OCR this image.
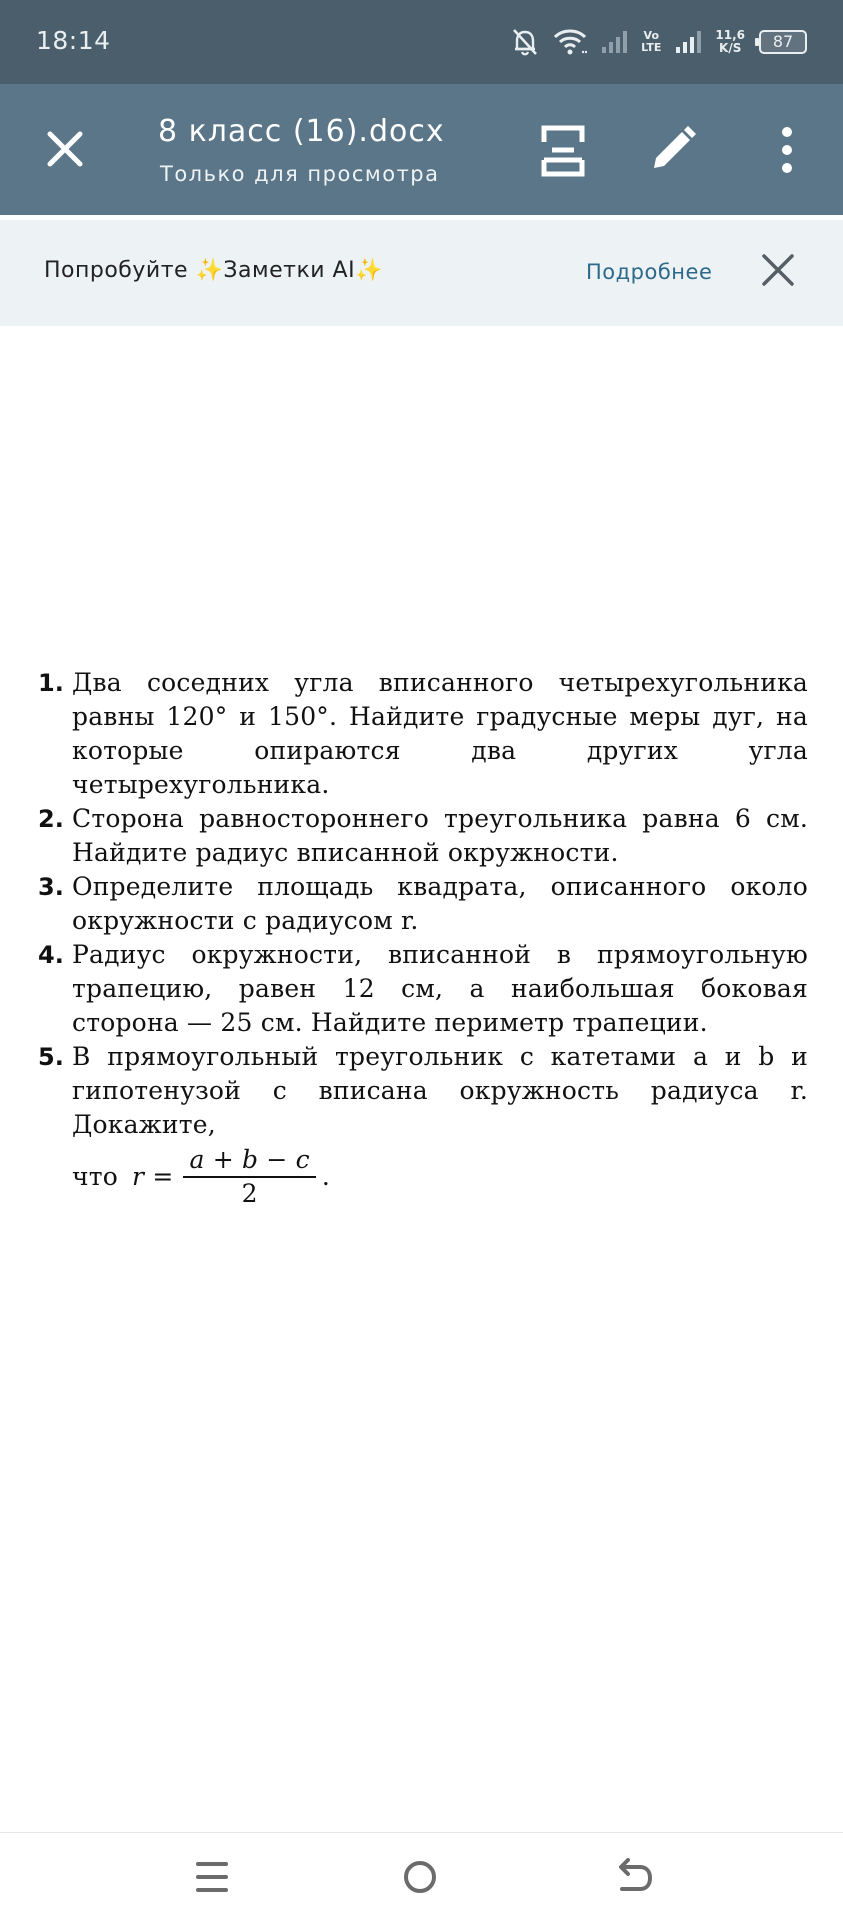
18:14	Vo
LTE
11,6
K/S	87
8 класс (16).docx
Только для просмотра
Попробуйте ✨Заметки AI✨	Подробнее
1. Два соседних угла вписанного четырехугольника равны 120° и 150°. Найдите градусные меры дуг, на которые опираются два других угла четырехугольника.
2. Сторона равностороннего треугольника равна 6 см. Найдите радиус вписанной окружности.
3. Определите площадь квадрата, описанного около окружности с радиусом r.
4. Радиус окружности, вписанной в прямоугольную трапецию, равен 12 см, а наибольшая боковая сторона — 25 см. Найдите периметр трапеции.
5. В прямоугольный треугольник с катетами a и b и гипотенузой c вписана окружность радиуса r. Докажите,
что $r = \frac{a + b - c}{2}$ .
